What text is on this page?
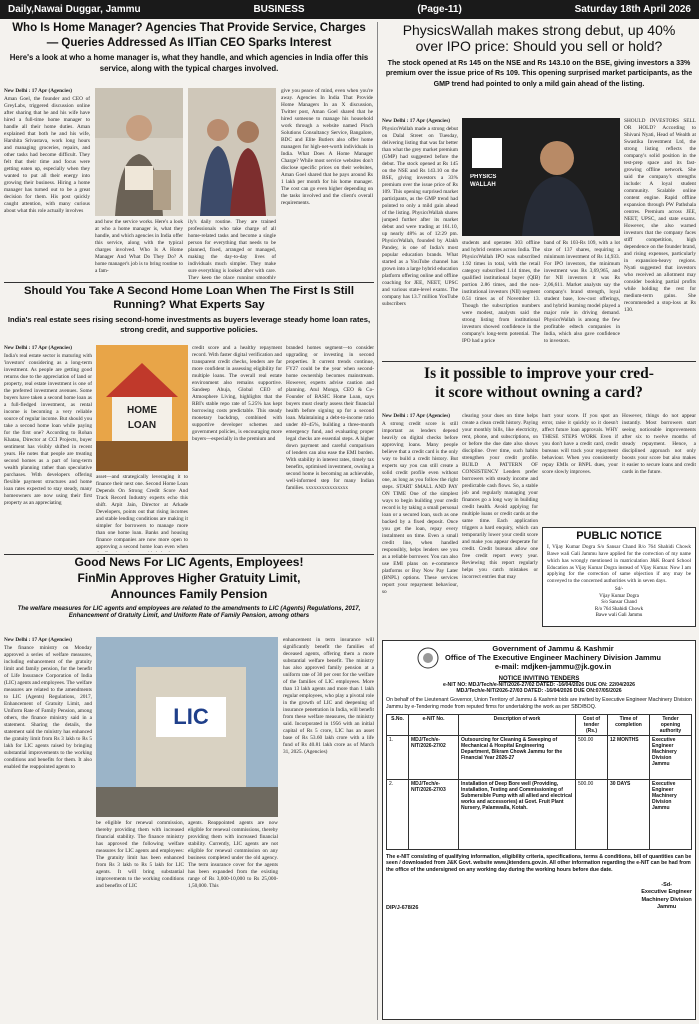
Daily,Nawai Duggar, Jammu	BUSINESS	(Page-11)	Saturday 18th April 2026
Who Is Home Manager? Agencies That Provide Service, Charges
— Queries Addressed As IITian CEO Sparks Interest
Here's a look at who a home manager is, what they handle, and which agencies in India offer this service, along with the typical charges involved.

New Delhi : 17 Apr (Agencies)

Aman Goel, the founder and CEO of GreyLabs, triggered discussion online after sharing that he and his wife have hired a full-time home manager to handle all their home duties. Aman explained that both he and his wife, Harshita Srivastava, work long hours and managing groceries, repairs, and other tasks had become difficult. They felt that their time and focus were getting eaten up, especially when they wanted to put all their energy into growing their business. Hiring a home manager has turned out to be a great decision for them. His post quickly caught attention, with many curious about what this role actually involves

and how the service works. Here's a look at who a home manager is, what they handle, and which agencies in India offer this service, along with the typical charges involved. Who Is A Home Manager And What Do They Do? A home manager's job is to bring routine to a fam-

ily's daily routine. They are trained professionals who take charge of all home-related tasks and become a single person for everything that needs to be planned, fixed, arranged or managed, making the day-to-day lives of individuals much simpler. They make sure everything is looked after with care. They keep the place running smoothly

give you peace of mind, even when you're away. Agencies In India That Provide Home Managers In an X discussion, Twitter post, Aman Goel shared that he hired someone to manage his household work through a website named Pinch Solutions Consultancy Service, Bangalore, BDC and Elite Butlers also offer home managers for high-net-worth individuals in India. What Does A Home Manager Charge? While most service websites don't disclose specific prices on their websites, Aman Goel shared that he pays around Rs 1 lakh per month for his home manager. The cost can go even higher depending on the tasks involved and the client's overall requirements.

Should You Take A Second Home Loan When The First Is Still Running? What Experts Say
India's real estate sees rising second-home investments as buyers leverage steady home loan rates, strong credit, and supportive policies.

New Delhi : 17 Apr (Agencies)

India's real estate sector is maturing with 'investors' considering as a long-term investment. As people are getting good returns due to the appreciation of land or property, real estate investment is one of the preferred investment avenues. Some buyers have taken a second home loan as a full-fledged investment, as rental income is becoming a very reliable source of regular income. But should you take a second home loan while paying for the first one? According to Rohan Khatau, Director at CCI Projects, buyer sentiment has visibly shifted in recent years. He notes that people are treating second homes as a part of long-term wealth planning rather than speculative purchases. With developers offering flexible payment structures and home loan rates expected to stay steady, many homeowners are now using their first property as an appreciating

HOME LOAN

asset—and strategically leveraging it to finance their next one. Second Home Loan Depends On Strong Credit Score And Track Record Industry experts echo this shift. Arpit Jain, Director at Arkade Developers, points out that rising incomes and stable lending conditions are making it simpler for borrowers to manage more than one home loan. Banks and housing finance companies are now more open to approving a second home loan even when

credit score and a healthy repayment record. With faster digital verification and transparent credit checks, lenders are far more confident in assessing eligibility for multiple loans. The overall real estate environment also remains supportive. Sandeep Ahuja, Global CEO of Atmosphere Living, highlights that the RBI's stable repo rate of 5.25% has kept borrowing costs predictable. This steady monetary backdrop, combined with supportive developer schemes and government policies, is encouraging more buyers—especially in the premium and

branded homes segment—to consider upgrading or investing in second properties. It current trends continue, FY27 could be the year when second-home ownership becomes mainstream. However, experts advise caution and planning. Atul Monga, CEO & Co-Founder of BASIC Home Loan, says buyers must clearly assess their financial health before signing up for a second loan. Maintaining a debt-to-income ratio under 40–45%, building a three-month emergency fund, and evaluating proper legal checks are essential steps. A higher down payment and careful comparison of lenders can also ease the EMI burden. With stability in interest rates, timely tax benefits, optimised investment, owning a second home is becoming an achievable, well-informed step for many Indian families. xxxxxxxxxxxxxxxx

Good News For LIC Agents, Employees!
FinMin Approves Higher Gratuity Limit,
Announces Family Pension
The welfare measures for LIC agents and employees are related to the amendments to LIC (Agents) Regulations, 2017, Enhancement of Gratuity Limit, and Uniform Rate of Family Pension, among others

New Delhi : 17 Apr (Agencies)

The finance ministry on Monday approved a series of welfare measures, including enhancement of the gratuity limit and family pension, for the benefit of Life Insurance Corporation of India (LIC) agents and employees. The welfare measures are related to the amendments to LIC (Agents) Regulations, 2017, Enhancement of Gratuity Limit, and Uniform Rate of Family Pension, among others, the finance ministry said in a statement. Sharing the details, the statement said the ministry has enhanced the gratuity limit from Rs 3 lakh to Rs 5 lakh for LIC agents raised by bringing substantial improvements to the working conditions and benefits for them. It also enabled the reappointed agents to

LIC

be eligible for renewal commission, thereby providing them with increased financial stability. The finance ministry has approved the following welfare measures for LIC agents and employees: The gratuity limit has been enhanced from Rs 3 lakh to Rs 5 lakh for LIC agents. It will bring substantial improvements to the working conditions and benefits of LIC

agents. Reappointed agents are now eligible for renewal commissions, thereby providing them with increased financial stability. Currently, LIC agents are not eligible for renewal commission on any business completed under the old agency. The term insurance cover for the agents has been expanded from the existing range of Rs 3,000-10,000 to Rs 25,000-1,50,000. This

enhancement in term insurance will significantly benefit the families of deceased agents, offering them a more substantial welfare benefit. The ministry has also approved family pension at a uniform rate of 30 per cent for the welfare of the families of LIC employees. More than 13 lakh agents and more than 1 lakh regular employees, who play a pivotal role in the growth of LIC and deepening of insurance penetration in India, will benefit from these welfare measures, the ministry said. Incorporated in 1956 with an initial capital of Rs 5 crore, LIC has an asset base of Rs 53.60 lakh crore with a life fund of Rs 40.81 lakh crore as of March 31, 2025. (Agencies)

PhysicsWallah makes strong debut, up 40%
over IPO price: Should you sell or hold?
The stock opened at Rs 145 on the NSE and Rs 143.10 on the BSE, giving investors a 33% premium over the issue price of Rs 109. This opening surprised market participants, as the GMP trend had pointed to only a mild gain ahead of the listing.

New Delhi : 17 Apr (Agencies)

PhysicsWallah made a strong debut on Dalal Street on Tuesday, delivering listing that was far better than what the grey market premium (GMP) had suggested before the debut. The stock opened at Rs 145 on the NSE and Rs 143.10 on the BSE, giving investors a 33% premium over the issue price of Rs 109. This opening surprised market participants, as the GMP trend had pointed to only a mild gain ahead of the listing. PhysicsWallah shares jumped further after its market debut and were trading at 161.10, up nearly 48% as of 12:29 pm. PhysicsWallah, founded by Alakh Pandey, is one of India's most popular education brands. What started as a YouTube channel has grown into a large hybrid education platform offering online and offline coaching for JEE, NEET, UPSC and various state-level exams. The company has 13.7 million YouTube subscribers

PHYSICS WALLAH

students and operates 303 offline and hybrid centres across India. The PhysicsWallah IPO was subscribed 1.92 times in total, with the retail category subscribed 1.14 times, the qualified institutional buyer (QIB) portion 2.86 times, and the non-institutional investors (NII) segment 0.51 times as of November 13. Though the subscription numbers were modest, analysts said the strong listing from institutional investors showed confidence in the company's long-term potential. The IPO had a price

band of Rs 103-Rs 109, with a lot size of 137 shares, requiring a minimum investment of Rs 14,933. For IPO investors, the minimum investment was Rs 3,69,965, and for NII investors it was Rs 2,06,611. Market analysts say the company's brand strength, loyal student base, low-cost offerings, and hybrid learning model played a major role in driving demand. PhysicsWallah is among the few profitable edtech companies in India, which also gave confidence to investors.

SHOULD INVESTORS SELL OR HOLD? According to Shivani Nyati, Head of Wealth at Swastika Investment Ltd, the strong listing reflects the company's solid position in the test-prep space and its fast-growing offline network. She said the company's strengths include: A loyal student community. Scalable online content engine. Rapid offline expansion through PW Pathshala centres. Premium across JEE, NEET, UPSC, and state exams. However, she also warned investors that the company faces stiff competition, high dependence on the founder brand, and rising expenses, particularly in expansion-heavy regions. Nyati suggested that investors who received an allotment may consider booking partial profits while holding the rest for medium-term gains. She recommended a stop-loss at Rs 130.

Is it possible to improve your cred-
it score without owning a card?

New Delhi : 17 Apr (Agencies)

A strong credit score is still important as lenders depend heavily on digital checks before approving loans. Many people believe that a credit card is the only way to build a credit history. But experts say you can still create a solid credit profile even without one, as long as you follow the right steps. START SMALL AND PAY ON TIME One of the simplest ways to begin building your credit record is by taking a small personal loan or a secured loan, such as one backed by a fixed deposit. Once you get the loan, repay every instalment on time. Even a small credit line, when handled responsibly, helps lenders see you as a reliable borrower. You can also use EMI plans on e-commerce platforms or Buy Now Pay Later (BNPL) options. These services report your repayment behaviour, so

clearing your dues on time helps create a clean credit history. Paying your monthly bills, like electricity, rent, phone, and subscriptions, on or before the due date also shows discipline. Over time, such habits strengthen your credit profile. BUILD A PATTERN OF CONSISTENCY Lenders prefer borrowers with steady income and predictable cash flows. So, a stable job and regularly managing your finances go a long way in building credit health. Avoid applying for multiple loans or credit cards at the same time. Each application triggers a hard enquiry, which can temporarily lower your credit score and make you appear desperate for credit. Credit bureaus allow one free credit report every year. Reviewing this report regularly helps you catch mistakes or incorrect entries that may

hurt your score. If you spot an error, raise it quickly so it doesn't affect future loan approvals. WHY THESE STEPS WORK Even if you don't have a credit card, credit bureaus will track your repayment behaviour. When you consistently repay EMIs or BNPL dues, your score slowly improves.

However, things do not appear instantly. Most borrowers start seeing noticeable improvements after six to twelve months of steady repayment. Hence, a disciplined approach not only boosts your score but also makes it easier to secure loans and credit cards in the future.

PUBLIC NOTICE
I, Vijay Kumar Dogra S/o Sansar Chand R/o 764 Shahidi Chowk Bawe wali Gali Jammu have applied for the correction of my name which has wrongly mentioned in matriculation J&K Board School Education as Vijay Kumar Dogra instead of Vijay Kumar. Now I am applying for the correction of same objection if any may be conveyed to the concerned authorities with in seven days.
Sd/-
Vijay Kumar Dogra
S/o Sansar Chand
R/o 764 Shahidi Chowk
Bawe wali Gali Jammu
Government of Jammu & Kashmir
Office of The Executive Engineer Machinery Division Jammu
e-mail: mdjken-jammu@jk.gov.in
NOTICE INVITING TENDERS
e-NIT NO: MDJ/Tech/e-NIT/2026-27/02 DATED: -16/04/2026 DUE ON: 22/04/2026
MDJ/Tech/e-NIT/2026-27/03 DATED: -16/04/2026 DUE ON:07/05/2026
On behalf of the Lieutenant Governor, Union Territory of Jammu & Kashmir bids are invited by Executive Engineer Machinery Division Jammu by e-Tendering mode from reputed firms for undertaking the work as per SBD/BOQ.
S.No.	e-NIT No.	Description of work	Cost of tender (Rs.)	Time of completion	Tender opening authority
1.	MDJ/Tech/e-NIT/2026-27/02	Outsourcing for Cleaning & Sweeping of Mechanical & Hospital Engineering Department, Bikram Chowk Jammu for the Financial Year 2026-27	500.00	12 MONTHS	Executive Engineer Machinery Division Jammu
2.	MDJ/Tech/e-NIT/2026-27/03	Installation of Deep Bore well (Providing, Installation, Testing and Commissioning of Submersible Pump with all allied and electrical works and accessories) at Govt. Fruit Plant Nursery, Palamwalla, Kotah.	500.00	30 DAYS	Executive Engineer Machinery Division Jammu
The e-NIT consisting of qualifying information, eligibility criteria, specifications, terms & conditions, bill of quantities can be seen / downloaded from J&K Govt. website www.jktenders.gov.in. All other information regarding the e-NIT can be had from the office of the undersigned on any working day during the working hours before due date.
DIP/J-678/26
-Sd-
Executive Engineer
Machinery Division
Jammu
